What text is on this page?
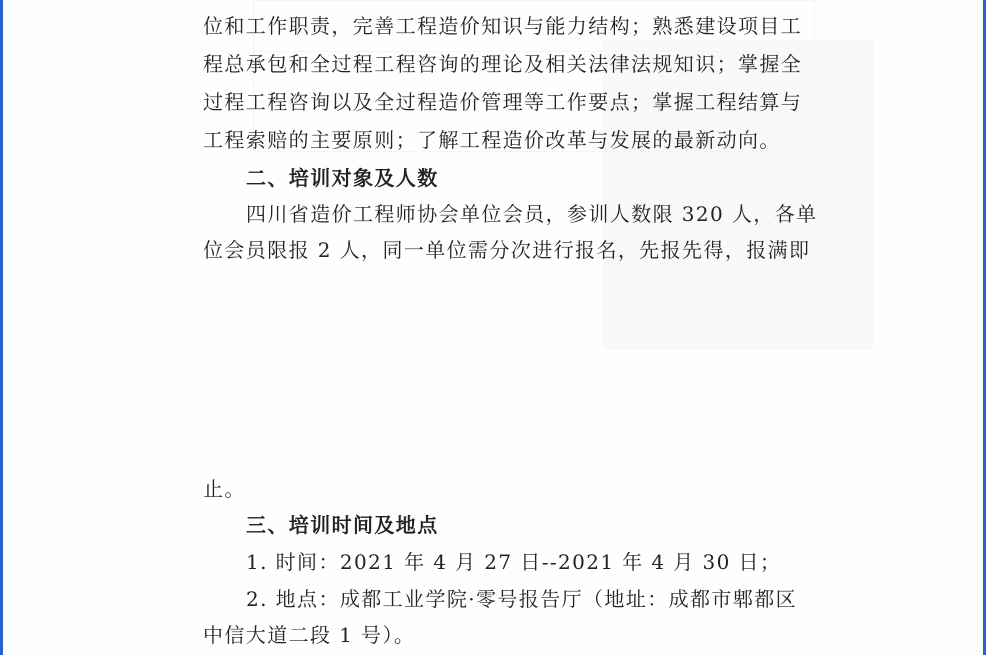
位和工作职责，完善工程造价知识与能力结构；熟悉建设项目工
程总承包和全过程工程咨询的理论及相关法律法规知识；掌握全
过程工程咨询以及全过程造价管理等工作要点；掌握工程结算与
工程索赔的主要原则；了解工程造价改革与发展的最新动向。
二、培训对象及人数
四川省造价工程师协会单位会员，参训人数限 320 人，各单
位会员限报 2 人，同一单位需分次进行报名，先报先得，报满即
止。
三、培训时间及地点
1. 时间：2021 年 4 月 27 日--2021 年 4 月 30 日；
2. 地点：成都工业学院·零号报告厅（地址：成都市郫都区
中信大道二段 1 号）。
